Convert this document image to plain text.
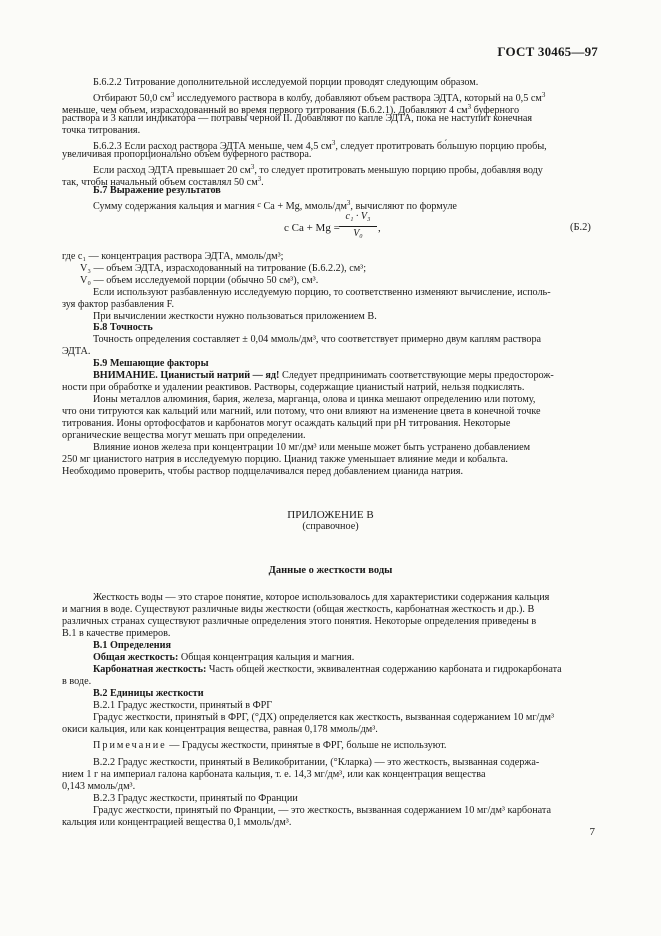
ГОСТ 30465—97
Б.6.2.2 Титрование дополнительной исследуемой порции проводят следующим образом.
Отбирают 50,0 $см^3$ исследуемого раствора в колбу, добавляют объем раствора ЭДТА, который на 0,5 $см^3$
меньше, чем объем, израсходованный во время первого титрования (Б.6.2.1). Добавляют 4 $см^3$ буферного
раствора и 3 капли индикатора — потравы черной II. Добавляют по капле ЭДТА, пока не наступит конечная
точка титрования.
Б.6.2.3 Если расход раствора ЭДТА меньше, чем 4,5 $см^3$, следует протитровать бо́льшую порцию пробы,
увеличивая пропорционально объем буферного раствора.
Если расход ЭДТА превышает 20 $см^3$, то следует протитровать меньшую порцию пробы, добавляя воду
так, чтобы начальный объем составлял 50 $см^3$.
Б.7 Выражение результатов
Сумму содержания кальция и магния c Ca + Mg, ммоль/$дм^3$, вычисляют по формуле
c Ca + Mg =
c₁ · V₃
V₀	,	(Б.2)
где c₁ — концентрация раствора ЭДТА, ммоль/дм³;
V₃ — объем ЭДТА, израсходованный на титрование (Б.6.2.2), см³;
V₀ — объем исследуемой порции (обычно 50 см³), см³.
Если используют разбавленную исследуемую порцию, то соответственно изменяют вычисление, исполь-
зуя фактор разбавления F.
При вычислении жесткости нужно пользоваться приложением В.
Б.8 Точность
Точность определения составляет ± 0,04 ммоль/дм³, что соответствует примерно двум каплям раствора
ЭДТА.
Б.9 Мешающие факторы
ВНИМАНИЕ. Цианистый натрий — яд! Следует предпринимать соответствующие меры предосторож-
ности при обработке и удалении реактивов. Растворы, содержащие цианистый натрий, нельзя подкислять.
Ионы металлов алюминия, бария, железа, марганца, олова и цинка мешают определению или потому,
что они титруются как кальций или магний, или потому, что они влияют на изменение цвета в конечной точке
титрования. Ионы ортофосфатов и карбонатов могут осаждать кальций при pH титрования. Некоторые
органические вещества могут мешать при определении.
Влияние ионов железа при концентрации 10 мг/дм³ или меньше может быть устранено добавлением
250 мг цианистого натрия в исследуемую порцию. Цианид также уменьшает влияние меди и кобальта.
Необходимо проверить, чтобы раствор подщелачивался перед добавлением цианида натрия.
ПРИЛОЖЕНИЕ В
(справочное)
Данные о жесткости воды
Жесткость воды — это старое понятие, которое использовалось для характеристики содержания кальция
и магния в воде. Существуют различные виды жесткости (общая жесткость, карбонатная жесткость и др.). В
различных странах существуют различные определения этого понятия. Некоторые определения приведены в
В.1 в качестве примеров.
В.1 Определения
Общая жесткость: Общая концентрация кальция и магния.
Карбонатная жесткость: Часть общей жесткости, эквивалентная содержанию карбоната и гидрокарбоната
в воде.
В.2 Единицы жесткости
В.2.1 Градус жесткости, принятый в ФРГ
Градус жесткости, принятый в ФРГ, (°ДХ) определяется как жесткость, вызванная содержанием 10 мг/дм³
окиси кальция, или как концентрация вещества, равная 0,178 ммоль/дм³.
Примечание — Градусы жесткости, принятые в ФРГ, больше не используют.
В.2.2 Градус жесткости, принятый в Великобритании, (°Кларка) — это жесткость, вызванная содержа-
нием 1 г на империал галона карбоната кальция, т. е. 14,3 мг/дм³, или как концентрация вещества
0,143 ммоль/дм³.
В.2.3 Градус жесткости, принятый по Франции
Градус жесткости, принятый по Франции, — это жесткость, вызванная содержанием 10 мг/дм³ карбоната
кальция или концентрацией вещества 0,1 ммоль/дм³.
7
